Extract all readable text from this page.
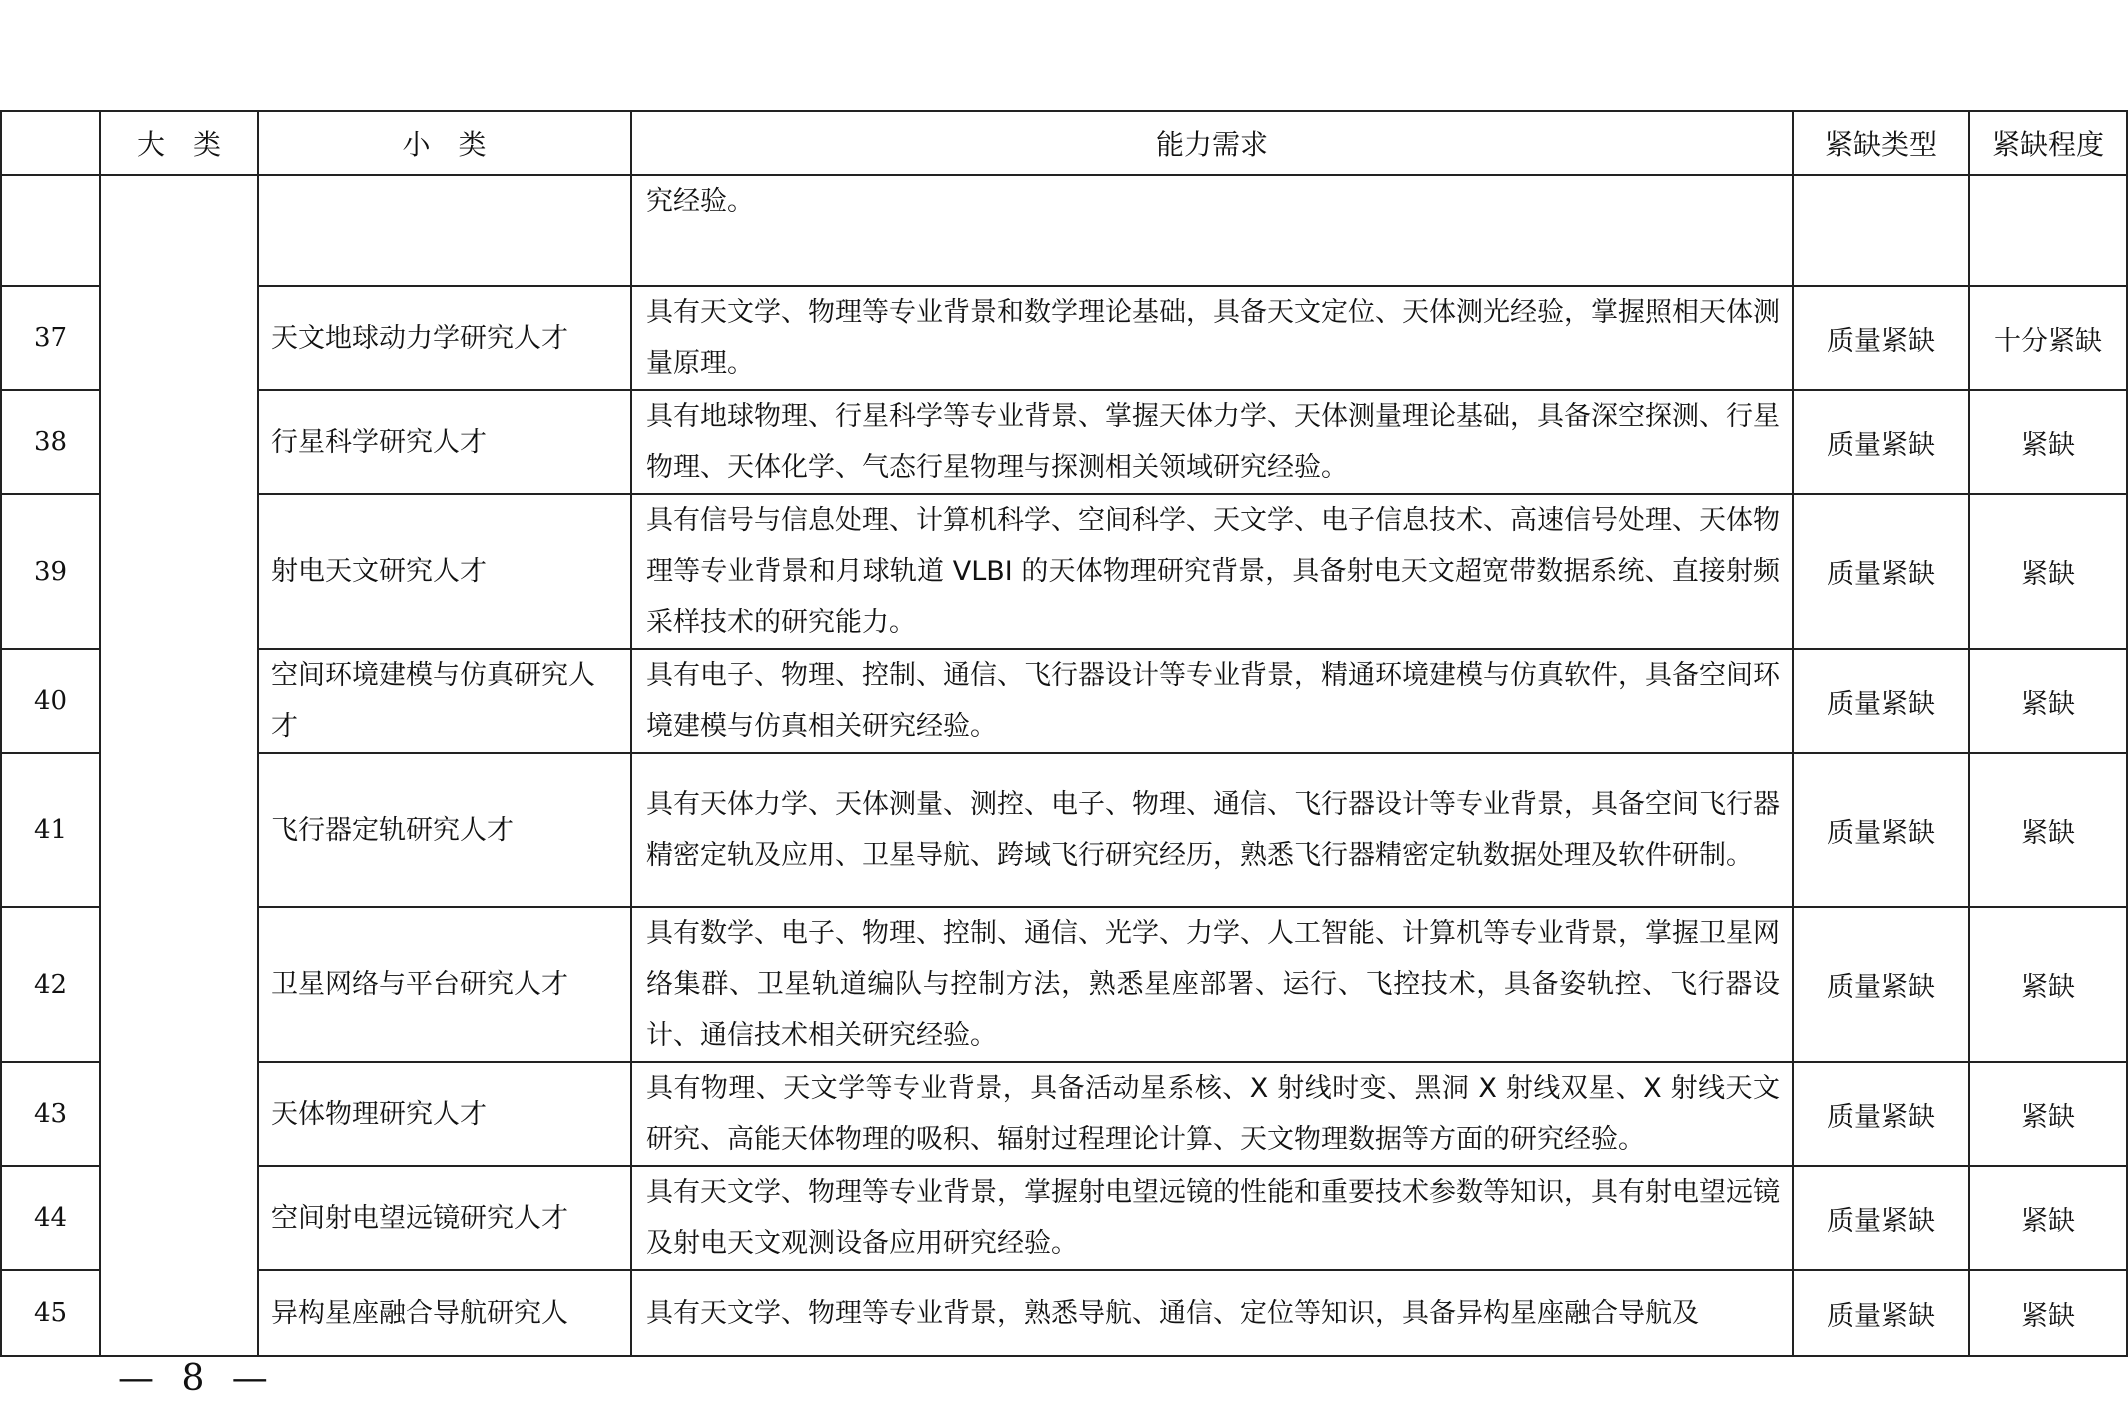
	大　类	小　类	能力需求	紧缺类型	紧缺程度
			究经验。		
37		天文地球动力学研究人才	具有天文学、物理等专业背景和数学理论基础，具备天文定位、天体测光经验，掌握照相天体测量原理。	质量紧缺	十分紧缺
38		行星科学研究人才	具有地球物理、行星科学等专业背景、掌握天体力学、天体测量理论基础，具备深空探测、行星物理、天体化学、气态行星物理与探测相关领域研究经验。	质量紧缺	紧缺
39		射电天文研究人才	具有信号与信息处理、计算机科学、空间科学、天文学、电子信息技术、高速信号处理、天体物理等专业背景和月球轨道 VLBI 的天体物理研究背景，具备射电天文超宽带数据系统、直接射频采样技术的研究能力。	质量紧缺	紧缺
40		空间环境建模与仿真研究人才	具有电子、物理、控制、通信、飞行器设计等专业背景，精通环境建模与仿真软件，具备空间环境建模与仿真相关研究经验。	质量紧缺	紧缺
41		飞行器定轨研究人才	具有天体力学、天体测量、测控、电子、物理、通信、飞行器设计等专业背景，具备空间飞行器精密定轨及应用、卫星导航、跨域飞行研究经历，熟悉飞行器精密定轨数据处理及软件研制。	质量紧缺	紧缺
42		卫星网络与平台研究人才	具有数学、电子、物理、控制、通信、光学、力学、人工智能、计算机等专业背景，掌握卫星网络集群、卫星轨道编队与控制方法，熟悉星座部署、运行、飞控技术，具备姿轨控、飞行器设计、通信技术相关研究经验。	质量紧缺	紧缺
43		天体物理研究人才	具有物理、天文学等专业背景，具备活动星系核、X 射线时变、黑洞 X 射线双星、X 射线天文研究、高能天体物理的吸积、辐射过程理论计算、天文物理数据等方面的研究经验。	质量紧缺	紧缺
44		空间射电望远镜研究人才	具有天文学、物理等专业背景，掌握射电望远镜的性能和重要技术参数等知识，具有射电望远镜及射电天文观测设备应用研究经验。	质量紧缺	紧缺
45		异构星座融合导航研究人	具有天文学、物理等专业背景，熟悉导航、通信、定位等知识，具备异构星座融合导航及	质量紧缺	紧缺
— 8 —
